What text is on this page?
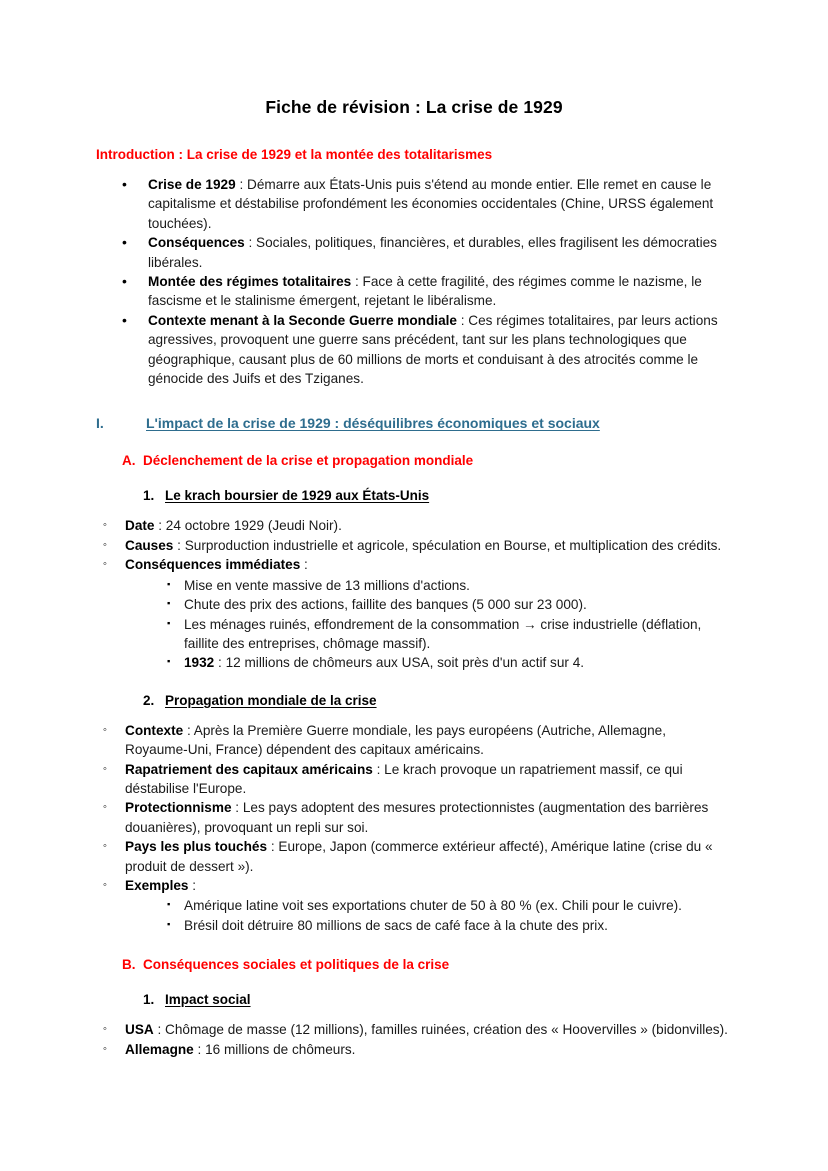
Fiche de révision : La crise de 1929
Introduction : La crise de 1929 et la montée des totalitarismes
•
Crise de 1929 : Démarre aux États-Unis puis s'étend au monde entier. Elle remet en cause le capitalisme et déstabilise profondément les économies occidentales (Chine, URSS également touchées).
•
Conséquences : Sociales, politiques, financières, et durables, elles fragilisent les démocraties libérales.
•
Montée des régimes totalitaires : Face à cette fragilité, des régimes comme le nazisme, le fascisme et le stalinisme émergent, rejetant le libéralisme.
•
Contexte menant à la Seconde Guerre mondiale : Ces régimes totalitaires, par leurs actions agressives, provoquent une guerre sans précédent, tant sur les plans technologiques que géographique, causant plus de 60 millions de morts et conduisant à des atrocités comme le génocide des Juifs et des Tziganes.
I.	L'impact de la crise de 1929 : déséquilibres économiques et sociaux
A. Déclenchement de la crise et propagation mondiale
1. Le krach boursier de 1929 aux États-Unis
◦
Date : 24 octobre 1929 (Jeudi Noir).
◦
Causes : Surproduction industrielle et agricole, spéculation en Bourse, et multiplication des crédits.
◦
Conséquences immédiates :
▪
Mise en vente massive de 13 millions d'actions.
▪
Chute des prix des actions, faillite des banques (5 000 sur 23 000).
▪
Les ménages ruinés, effondrement de la consommation → crise industrielle (déflation, faillite des entreprises, chômage massif).
▪
1932 : 12 millions de chômeurs aux USA, soit près d'un actif sur 4.
2. Propagation mondiale de la crise
◦
Contexte : Après la Première Guerre mondiale, les pays européens (Autriche, Allemagne, Royaume-Uni, France) dépendent des capitaux américains.
◦
Rapatriement des capitaux américains : Le krach provoque un rapatriement massif, ce qui déstabilise l'Europe.
◦
Protectionnisme : Les pays adoptent des mesures protectionnistes (augmentation des barrières douanières), provoquant un repli sur soi.
◦
Pays les plus touchés : Europe, Japon (commerce extérieur affecté), Amérique latine (crise du « produit de dessert »).
◦
Exemples :
▪
Amérique latine voit ses exportations chuter de 50 à 80 % (ex. Chili pour le cuivre).
▪
Brésil doit détruire 80 millions de sacs de café face à la chute des prix.
B. Conséquences sociales et politiques de la crise
1. Impact social
◦
USA : Chômage de masse (12 millions), familles ruinées, création des « Hoovervilles » (bidonvilles).
◦
Allemagne : 16 millions de chômeurs.
